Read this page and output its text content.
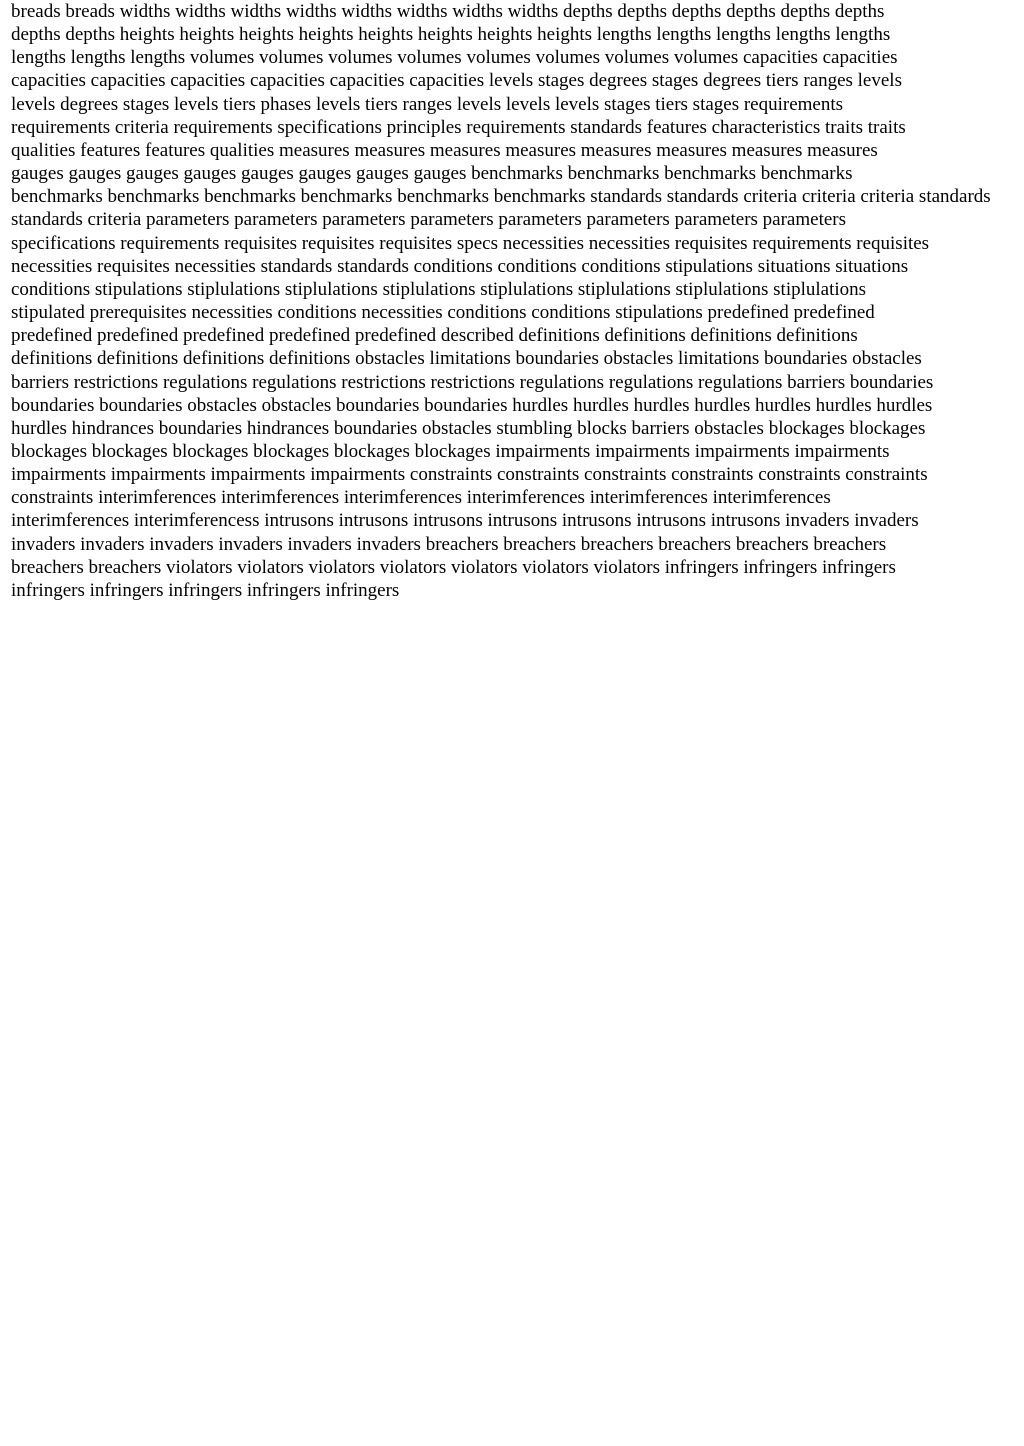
breads breads widths widths widths widths widths widths widths widths depths depths depths depths depths depths
depths depths heights heights heights heights heights heights heights heights lengths lengths lengths lengths lengths
lengths lengths lengths volumes volumes volumes volumes volumes volumes volumes volumes capacities capacities
capacities capacities capacities capacities capacities capacities levels stages degrees stages degrees tiers ranges levels
levels degrees stages levels tiers phases levels tiers ranges levels levels levels stages tiers stages requirements
requirements criteria requirements specifications principles requirements standards features characteristics traits traits
qualities features features qualities measures measures measures measures measures measures measures measures
gauges gauges gauges gauges gauges gauges gauges gauges benchmarks benchmarks benchmarks benchmarks
benchmarks benchmarks benchmarks benchmarks benchmarks benchmarks standards standards criteria criteria criteria standards
standards criteria parameters parameters parameters parameters parameters parameters parameters parameters
specifications requirements requisites requisites requisites specs necessities necessities requisites requirements requisites
necessities requisites necessities standards standards conditions conditions conditions stipulations situations situations
conditions stipulations stiplulations stiplulations stiplulations stiplulations stiplulations stiplulations stiplulations
stipulated prerequisites necessities conditions necessities conditions conditions stipulations predefined predefined
predefined predefined predefined predefined predefined described definitions definitions definitions definitions
definitions definitions definitions definitions obstacles limitations boundaries obstacles limitations boundaries obstacles
barriers restrictions regulations regulations restrictions restrictions regulations regulations regulations barriers boundaries
boundaries boundaries obstacles obstacles boundaries boundaries hurdles hurdles hurdles hurdles hurdles hurdles hurdles
hurdles hindrances boundaries hindrances boundaries obstacles stumbling blocks barriers obstacles blockages blockages
blockages blockages blockages blockages blockages blockages impairments impairments impairments impairments
impairments impairments impairments impairments constraints constraints constraints constraints constraints constraints
constraints interimferences interimferences interimferences interimferences interimferences interimferences
interimferences interimferencess intrusons intrusons intrusons intrusons intrusons intrusons intrusons invaders invaders
invaders invaders invaders invaders invaders invaders breachers breachers breachers breachers breachers breachers
breachers breachers violators violators violators violators violators violators violators infringers infringers infringers
infringers infringers infringers infringers infringers
